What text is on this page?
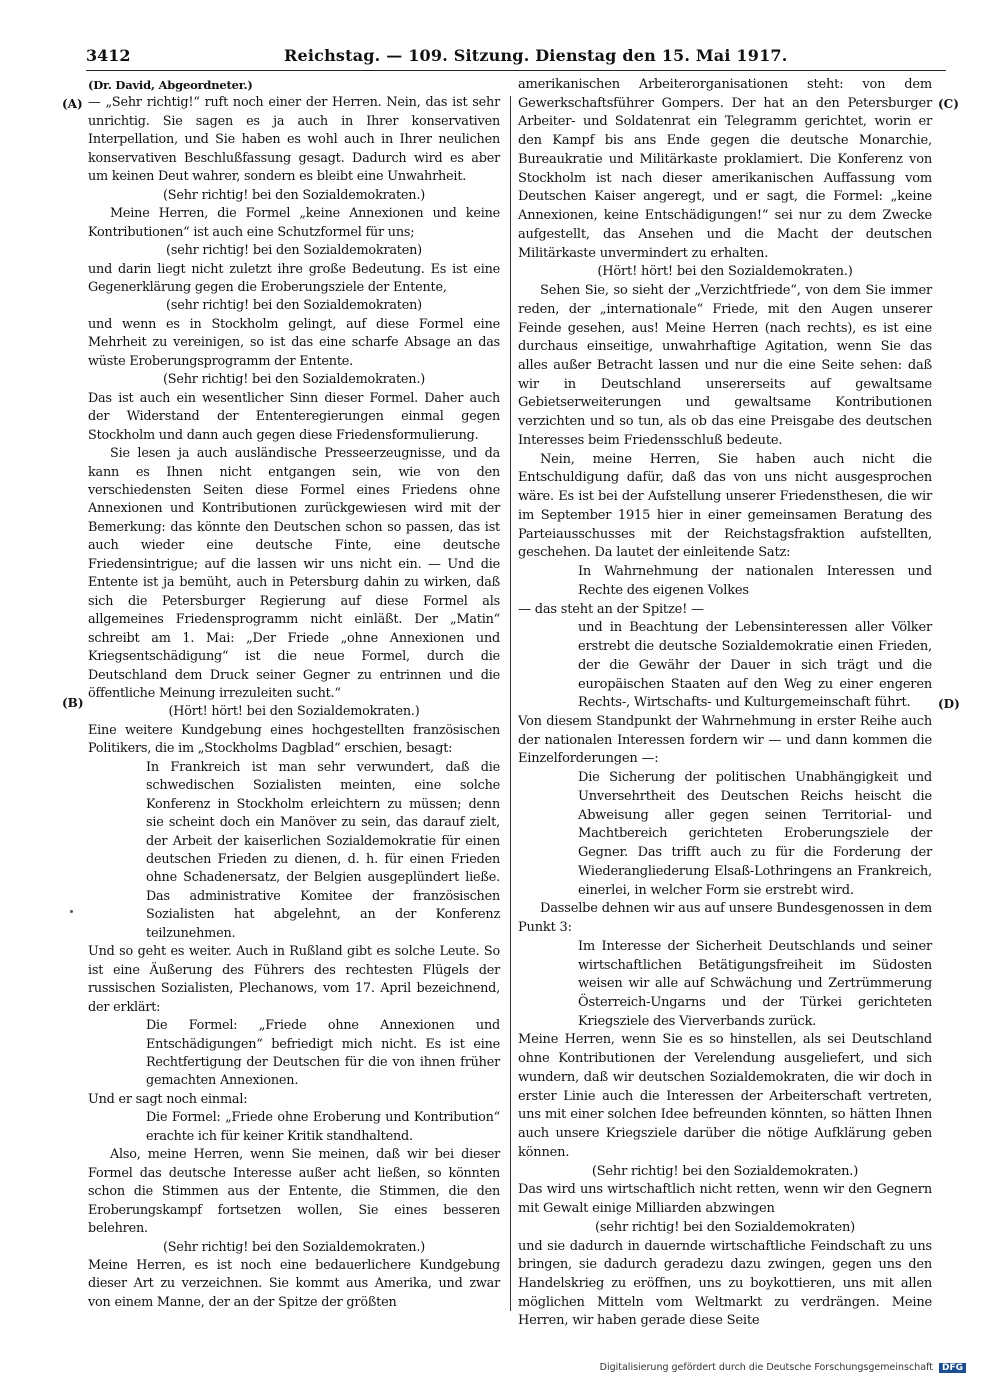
3412	Reichstag. — 109. Sitzung. Dienstag den 15. Mai 1917.
(A)
(B)
(C)
(D)

(Dr. David, Abgeordneter.)

— „Sehr richtig!“ ruft noch einer der Herren. Nein, das ist sehr unrichtig. Sie sagen es ja auch in Ihrer konservativen Interpellation, und Sie haben es wohl auch in Ihrer neulichen konservativen Beschlußfassung gesagt. Dadurch wird es aber um keinen Deut wahrer, sondern es bleibt eine Unwahrheit.

(Sehr richtig! bei den Sozialdemokraten.)

Meine Herren, die Formel „keine Annexionen und keine Kontributionen“ ist auch eine Schutzformel für uns;

(sehr richtig! bei den Sozialdemokraten)

und darin liegt nicht zuletzt ihre große Bedeutung. Es ist eine Gegenerklärung gegen die Eroberungsziele der Entente,

(sehr richtig! bei den Sozialdemokraten)

und wenn es in Stockholm gelingt, auf diese Formel eine Mehrheit zu vereinigen, so ist das eine scharfe Absage an das wüste Eroberungsprogramm der Entente.

(Sehr richtig! bei den Sozialdemokraten.)

Das ist auch ein wesentlicher Sinn dieser Formel. Daher auch der Widerstand der Ententeregierungen einmal gegen Stockholm und dann auch gegen diese Friedensformulierung.

Sie lesen ja auch ausländische Presseerzeugnisse, und da kann es Ihnen nicht entgangen sein, wie von den verschiedensten Seiten diese Formel eines Friedens ohne Annexionen und Kontributionen zurückgewiesen wird mit der Bemerkung: das könnte den Deutschen schon so passen, das ist auch wieder eine deutsche Finte, eine deutsche Friedensintrigue; auf die lassen wir uns nicht ein. — Und die Entente ist ja bemüht, auch in Petersburg dahin zu wirken, daß sich die Petersburger Regierung auf diese Formel als allgemeines Friedensprogramm nicht einläßt. Der „Matin“ schreibt am 1. Mai: „Der Friede „ohne Annexionen und Kriegsentschädigung“ ist die neue Formel, durch die Deutschland dem Druck seiner Gegner zu entrinnen und die öffentliche Meinung irrezuleiten sucht.“

(Hört! hört! bei den Sozialdemokraten.)

Eine weitere Kundgebung eines hochgestellten französischen Politikers, die im „Stockholms Dagblad“ erschien, besagt:

In Frankreich ist man sehr verwundert, daß die schwedischen Sozialisten meinten, eine solche Konferenz in Stockholm erleichtern zu müssen; denn sie scheint doch ein Manöver zu sein, das darauf zielt, der Arbeit der kaiserlichen Sozialdemokratie für einen deutschen Frieden zu dienen, d. h. für einen Frieden ohne Schadenersatz, der Belgien ausgeplündert ließe. Das administrative Komitee der französischen Sozialisten hat abgelehnt, an der Konferenz teilzunehmen.

Und so geht es weiter. Auch in Rußland gibt es solche Leute. So ist eine Äußerung des Führers des rechtesten Flügels der russischen Sozialisten, Plechanows, vom 17. April bezeichnend, der erklärt:

Die Formel: „Friede ohne Annexionen und Entschädigungen“ befriedigt mich nicht. Es ist eine Rechtfertigung der Deutschen für die von ihnen früher gemachten Annexionen.

Und er sagt noch einmal:

Die Formel: „Friede ohne Eroberung und Kontribution“ erachte ich für keiner Kritik standhaltend.

Also, meine Herren, wenn Sie meinen, daß wir bei dieser Formel das deutsche Interesse außer acht ließen, so könnten schon die Stimmen aus der Entente, die Stimmen, die den Eroberungskampf fortsetzen wollen, Sie eines besseren belehren.

(Sehr richtig! bei den Sozialdemokraten.)

Meine Herren, es ist noch eine bedauerlichere Kundgebung dieser Art zu verzeichnen. Sie kommt aus Amerika, und zwar von einem Manne, der an der Spitze der größten

amerikanischen Arbeiterorganisationen steht: von dem Gewerkschaftsführer Gompers. Der hat an den Petersburger Arbeiter- und Soldatenrat ein Telegramm gerichtet, worin er den Kampf bis ans Ende gegen die deutsche Monarchie, Bureaukratie und Militärkaste proklamiert. Die Konferenz von Stockholm ist nach dieser amerikanischen Auffassung vom Deutschen Kaiser angeregt, und er sagt, die Formel: „keine Annexionen, keine Entschädigungen!“ sei nur zu dem Zwecke aufgestellt, das Ansehen und die Macht der deutschen Militärkaste unvermindert zu erhalten.

(Hört! hört! bei den Sozialdemokraten.)

Sehen Sie, so sieht der „Verzichtfriede“, von dem Sie immer reden, der „internationale“ Friede, mit den Augen unserer Feinde gesehen, aus! Meine Herren (nach rechts), es ist eine durchaus einseitige, unwahrhaftige Agitation, wenn Sie das alles außer Betracht lassen und nur die eine Seite sehen: daß wir in Deutschland unsererseits auf gewaltsame Gebietserweiterungen und gewaltsame Kontributionen verzichten und so tun, als ob das eine Preisgabe des deutschen Interesses beim Friedensschluß bedeute.

Nein, meine Herren, Sie haben auch nicht die Entschuldigung dafür, daß das von uns nicht ausgesprochen wäre. Es ist bei der Aufstellung unserer Friedensthesen, die wir im September 1915 hier in einer gemeinsamen Beratung des Parteiausschusses mit der Reichstagsfraktion aufstellten, geschehen. Da lautet der einleitende Satz:

In Wahrnehmung der nationalen Interessen und Rechte des eigenen Volkes

— das steht an der Spitze! —

und in Beachtung der Lebensinteressen aller Völker erstrebt die deutsche Sozialdemokratie einen Frieden, der die Gewähr der Dauer in sich trägt und die europäischen Staaten auf den Weg zu einer engeren Rechts-, Wirtschafts- und Kulturgemeinschaft führt.

Von diesem Standpunkt der Wahrnehmung in erster Reihe auch der nationalen Interessen fordern wir — und dann kommen die Einzelforderungen —:

Die Sicherung der politischen Unabhängigkeit und Unversehrtheit des Deutschen Reichs heischt die Abweisung aller gegen seinen Territorial- und Machtbereich gerichteten Eroberungsziele der Gegner. Das trifft auch zu für die Forderung der Wiederangliederung Elsaß-Lothringens an Frankreich, einerlei, in welcher Form sie erstrebt wird.

Dasselbe dehnen wir aus auf unsere Bundesgenossen in dem Punkt 3:

Im Interesse der Sicherheit Deutschlands und seiner wirtschaftlichen Betätigungsfreiheit im Südosten weisen wir alle auf Schwächung und Zertrümmerung Österreich-Ungarns und der Türkei gerichteten Kriegsziele des Vierverbands zurück.

Meine Herren, wenn Sie es so hinstellen, als sei Deutschland ohne Kontributionen der Verelendung ausgeliefert, und sich wundern, daß wir deutschen Sozialdemokraten, die wir doch in erster Linie auch die Interessen der Arbeiterschaft vertreten, uns mit einer solchen Idee befreunden könnten, so hätten Ihnen auch unsere Kriegsziele darüber die nötige Aufklärung geben können.

(Sehr richtig! bei den Sozialdemokraten.)

Das wird uns wirtschaftlich nicht retten, wenn wir den Gegnern mit Gewalt einige Milliarden abzwingen

(sehr richtig! bei den Sozialdemokraten)

und sie dadurch in dauernde wirtschaftliche Feindschaft zu uns bringen, sie dadurch geradezu dazu zwingen, gegen uns den Handelskrieg zu eröffnen, uns zu boykottieren, uns mit allen möglichen Mitteln vom Weltmarkt zu verdrängen. Meine Herren, wir haben gerade diese Seite

Digitalisierung gefördert durch die Deutsche Forschungsgemeinschaft DFG
